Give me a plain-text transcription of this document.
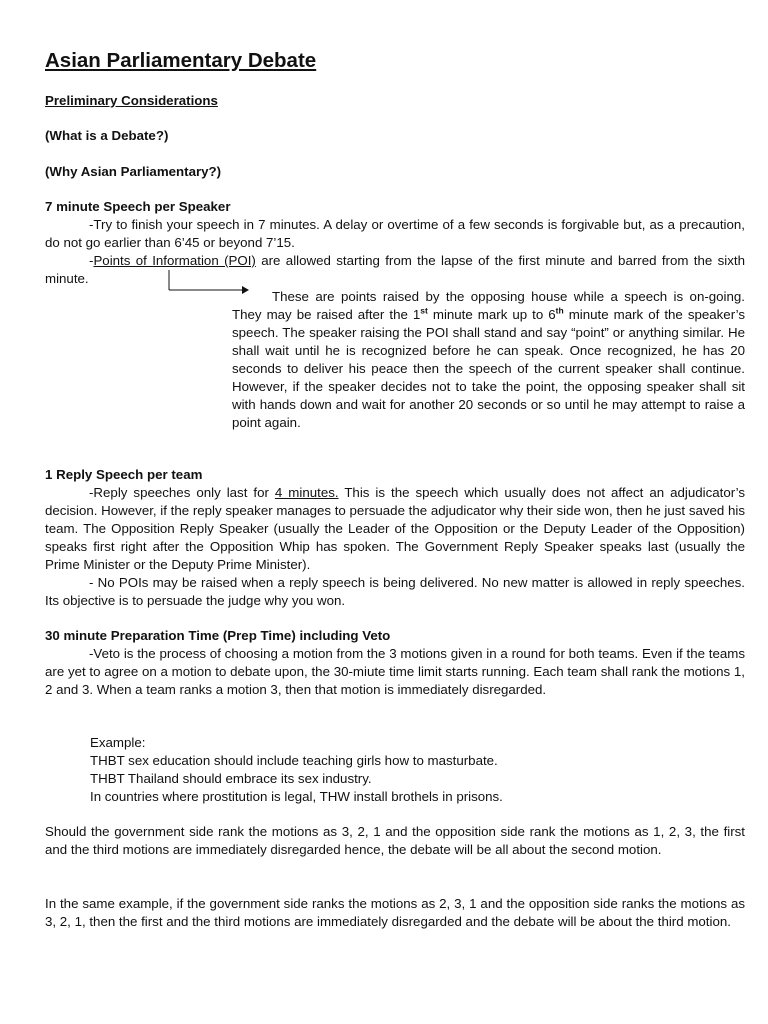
Asian Parliamentary Debate
Preliminary Considerations
(What is a Debate?)
(Why Asian Parliamentary?)
7 minute Speech per Speaker

-Try to finish your speech in 7 minutes. A delay or overtime of a few seconds is forgivable but, as a precaution, do not go earlier than 6’45 or beyond 7’15.

-Points of Information (POI) are allowed starting from the lapse of the first minute and barred from the sixth minute.

These are points raised by the opposing house while a speech is on-going. They may be raised after the 1st minute mark up to 6th minute mark of the speaker’s speech. The speaker raising the POI shall stand and say “point” or anything similar. He shall wait until he is recognized before he can speak. Once recognized, he has 20 seconds to deliver his peace then the speech of the current speaker shall continue. However, if the speaker decides not to take the point, the opposing speaker shall sit with hands down and wait for another 20 seconds or so until he may attempt to raise a point again.

1 Reply Speech per team

-Reply speeches only last for 4 minutes. This is the speech which usually does not affect an adjudicator’s decision. However, if the reply speaker manages to persuade the adjudicator why their side won, then he just saved his team. The Opposition Reply Speaker (usually the Leader of the Opposition or the Deputy Leader of the Opposition) speaks first right after the Opposition Whip has spoken. The Government Reply Speaker speaks last (usually the Prime Minister or the Deputy Prime Minister).

- No POIs may be raised when a reply speech is being delivered. No new matter is allowed in reply speeches. Its objective is to persuade the judge why you won.

30 minute Preparation Time (Prep Time) including Veto

-Veto is the process of choosing a motion from the 3 motions given in a round for both teams. Even if the teams are yet to agree on a motion to debate upon, the 30-miute time limit starts running. Each team shall rank the motions 1, 2 and 3. When a team ranks a motion 3, then that motion is immediately disregarded.

Example:
THBT sex education should include teaching girls how to masturbate.
THBT Thailand should embrace its sex industry.
In countries where prostitution is legal, THW install brothels in prisons.

Should the government side rank the motions as 3, 2, 1 and the opposition side rank the motions as 1, 2, 3, the first and the third motions are immediately disregarded hence, the debate will be all about the second motion.

In the same example, if the government side ranks the motions as 2, 3, 1 and the opposition side ranks the motions as 3, 2, 1, then the first and the third motions are immediately disregarded and the debate will be about the third motion.
